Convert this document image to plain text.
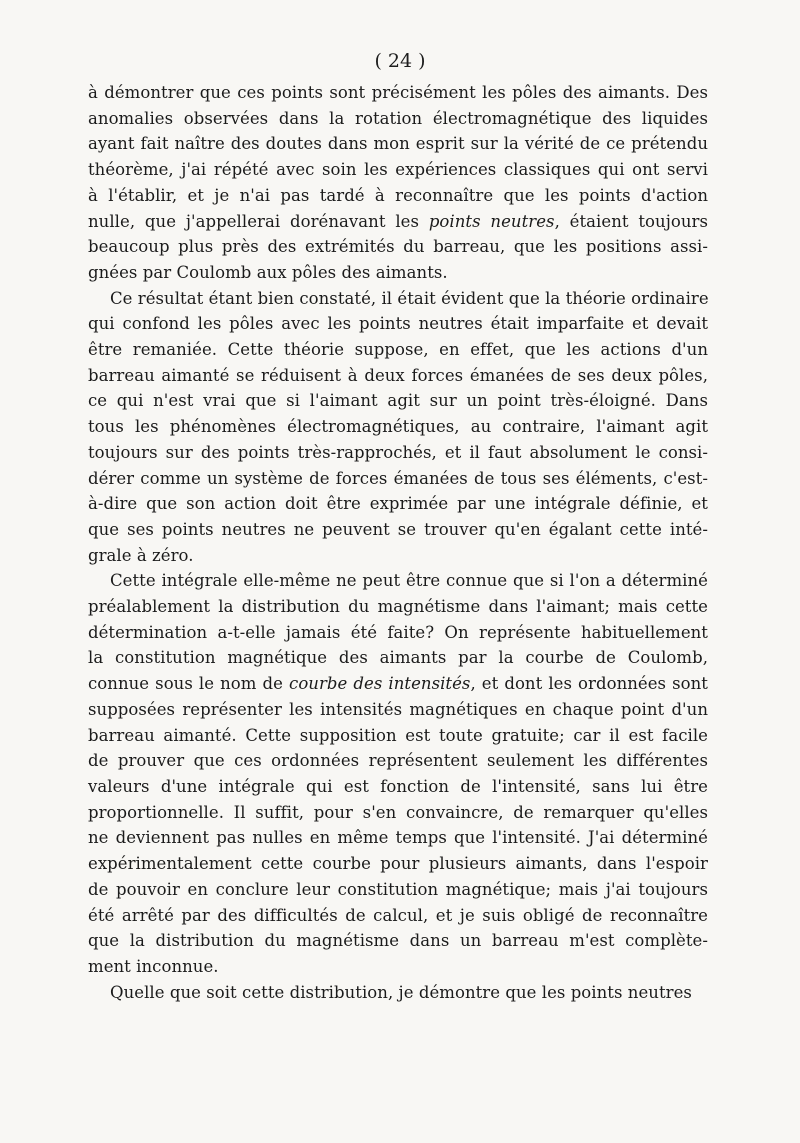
( 24 )
à démontrer que ces points sont précisément les pôles des aimants. Des
anomalies observées dans la rotation électromagnétique des liquides
ayant fait naître des doutes dans mon esprit sur la vérité de ce prétendu
théorème, j'ai répété avec soin les expériences classiques qui ont servi
à l'établir, et je n'ai pas tardé à reconnaître que les points d'action
nulle, que j'appellerai dorénavant les points neutres, étaient toujours
beaucoup plus près des extrémités du barreau, que les positions assi-
gnées par Coulomb aux pôles des aimants.
Ce résultat étant bien constaté, il était évident que la théorie ordinaire
qui confond les pôles avec les points neutres était imparfaite et devait
être remaniée. Cette théorie suppose, en effet, que les actions d'un
barreau aimanté se réduisent à deux forces émanées de ses deux pôles,
ce qui n'est vrai que si l'aimant agit sur un point très-éloigné. Dans
tous les phénomènes électromagnétiques, au contraire, l'aimant agit
toujours sur des points très-rapprochés, et il faut absolument le consi-
dérer comme un système de forces émanées de tous ses éléments, c'est-
à-dire que son action doit être exprimée par une intégrale définie, et
que ses points neutres ne peuvent se trouver qu'en égalant cette inté-
grale à zéro.
Cette intégrale elle-même ne peut être connue que si l'on a déterminé
préalablement la distribution du magnétisme dans l'aimant; mais cette
détermination a-t-elle jamais été faite? On représente habituellement
la constitution magnétique des aimants par la courbe de Coulomb,
connue sous le nom de courbe des intensités, et dont les ordonnées sont
supposées représenter les intensités magnétiques en chaque point d'un
barreau aimanté. Cette supposition est toute gratuite; car il est facile
de prouver que ces ordonnées représentent seulement les différentes
valeurs d'une intégrale qui est fonction de l'intensité, sans lui être
proportionnelle. Il suffit, pour s'en convaincre, de remarquer qu'elles
ne deviennent pas nulles en même temps que l'intensité. J'ai déterminé
expérimentalement cette courbe pour plusieurs aimants, dans l'espoir
de pouvoir en conclure leur constitution magnétique; mais j'ai toujours
été arrêté par des difficultés de calcul, et je suis obligé de reconnaître
que la distribution du magnétisme dans un barreau m'est complète-
ment inconnue.
Quelle que soit cette distribution, je démontre que les points neutres
